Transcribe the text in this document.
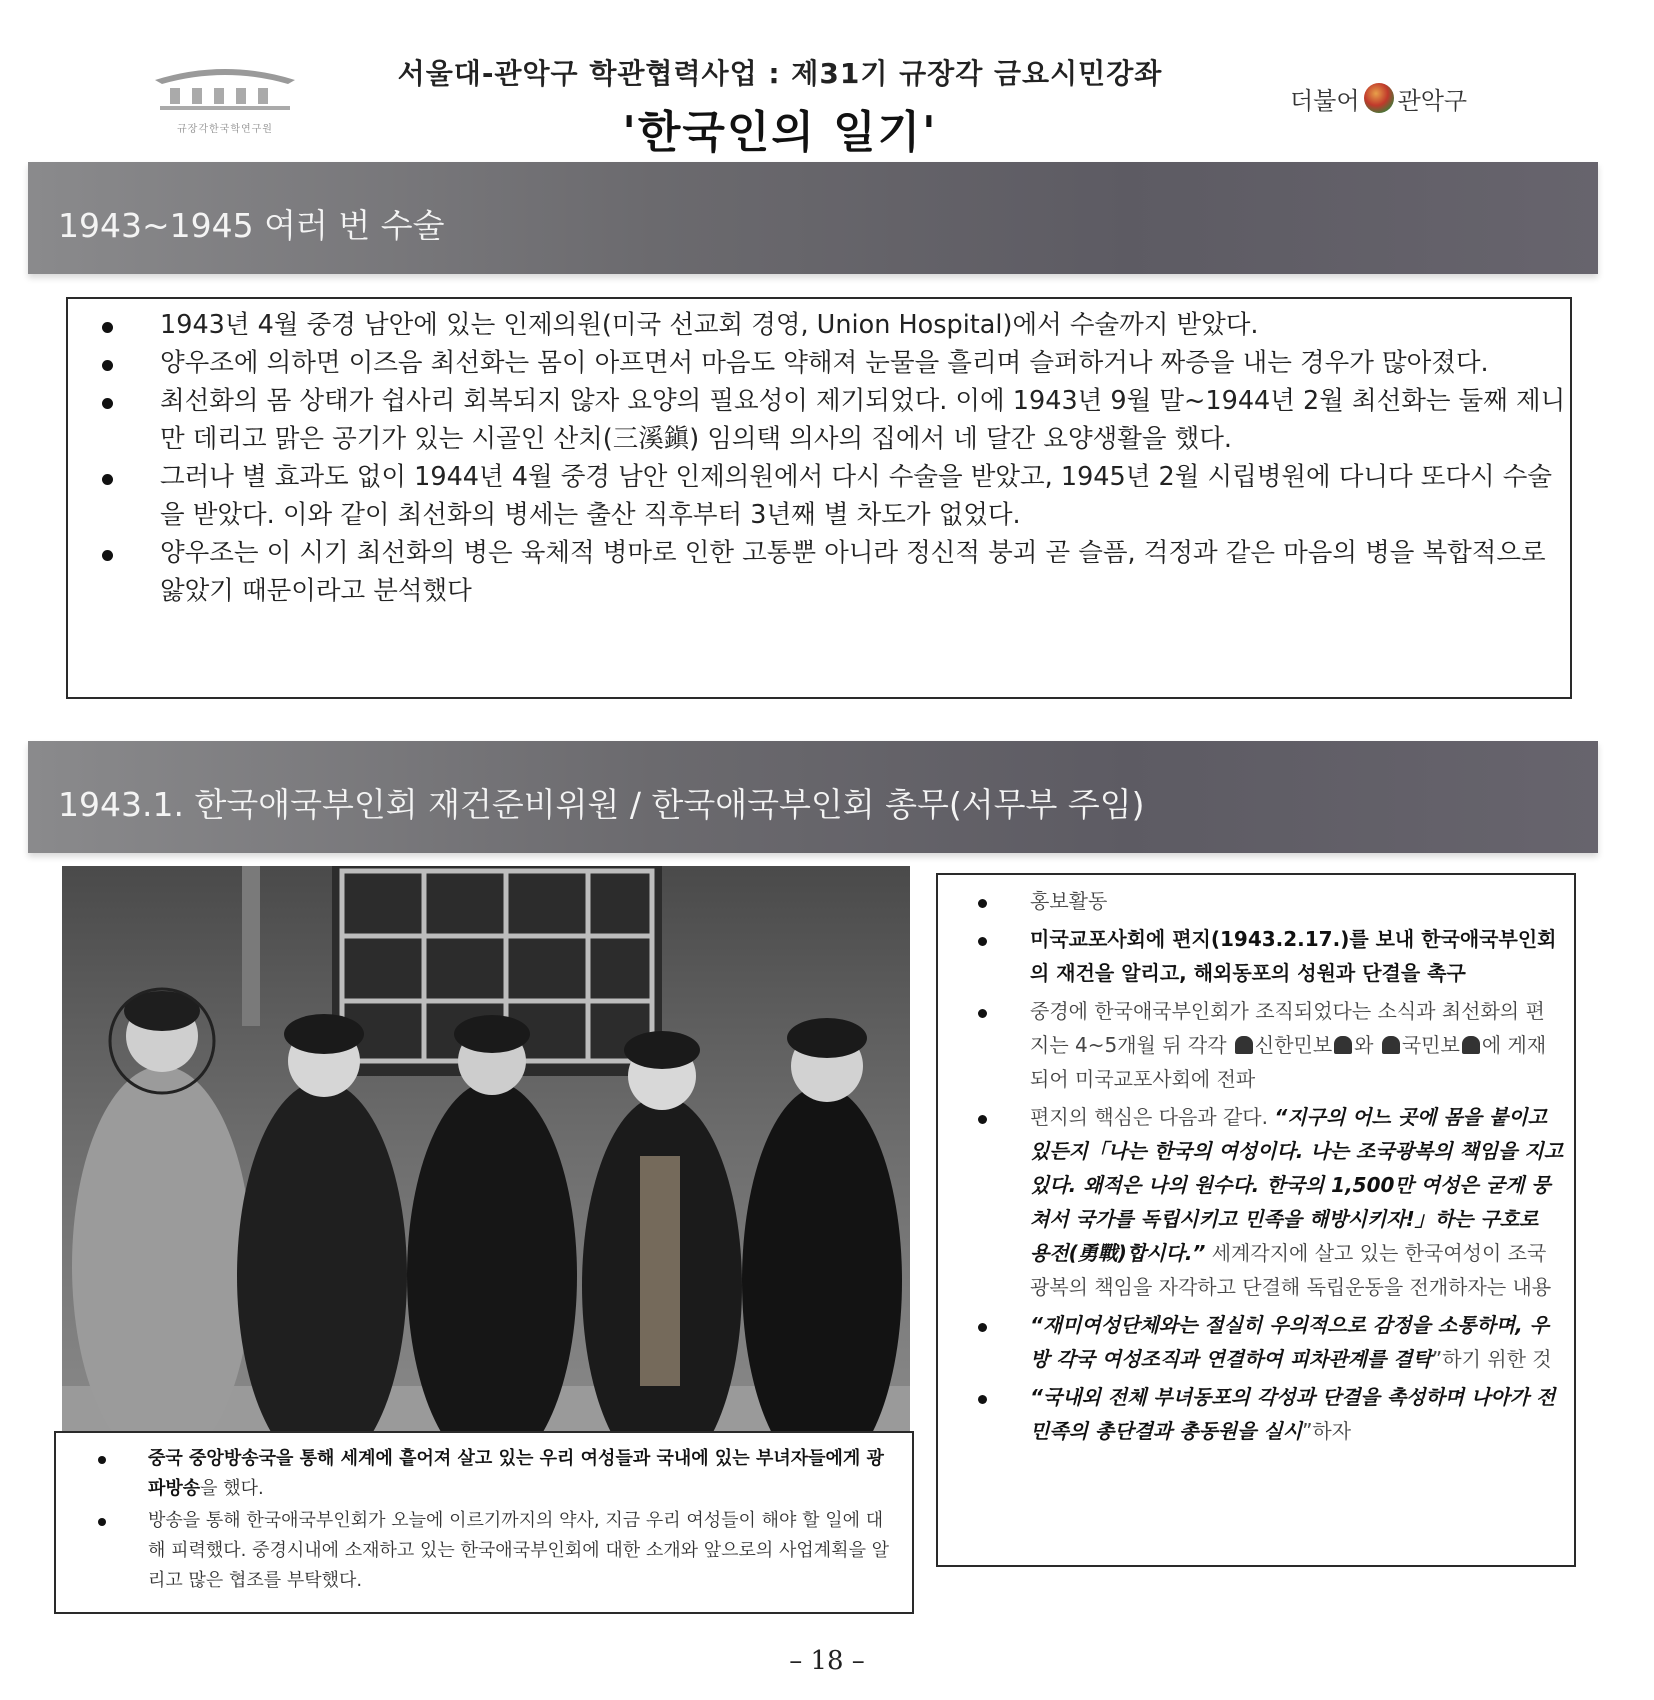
규장각한국학연구원
서울대-관악구 학관협력사업 : 제31기 규장각 금요시민강좌
'한국인의 일기'
더불어 관악구
1943~1945 여러 번 수술
1943년 4월 중경 남안에 있는 인제의원(미국 선교회 경영, Union Hospital)에서 수술까지 받았다.
양우조에 의하면 이즈음 최선화는 몸이 아프면서 마음도 약해져 눈물을 흘리며 슬퍼하거나 짜증을 내는 경우가 많아졌다.
최선화의 몸 상태가 쉽사리 회복되지 않자 요양의 필요성이 제기되었다. 이에 1943년 9월 말~1944년 2월 최선화는 둘째 제니만 데리고 맑은 공기가 있는 시골인 산치(三溪鎭) 임의택 의사의 집에서 네 달간 요양생활을 했다.
그러나 별 효과도 없이 1944년 4월 중경 남안 인제의원에서 다시 수술을 받았고, 1945년 2월 시립병원에 다니다 또다시 수술을 받았다. 이와 같이 최선화의 병세는 출산 직후부터 3년째 별 차도가 없었다.
양우조는 이 시기 최선화의 병은 육체적 병마로 인한 고통뿐 아니라 정신적 붕괴 곧 슬픔, 걱정과 같은 마음의 병을 복합적으로 앓았기 때문이라고 분석했다
1943.1. 한국애국부인회 재건준비위원 / 한국애국부인회 총무(서무부 주임)
중국 중앙방송국을 통해 세계에 흩어져 살고 있는 우리 여성들과 국내에 있는 부녀자들에게 광파방송을 했다.
방송을 통해 한국애국부인회가 오늘에 이르기까지의 약사, 지금 우리 여성들이 해야 할 일에 대해 피력했다. 중경시내에 소재하고 있는 한국애국부인회에 대한 소개와 앞으로의 사업계획을 알리고 많은 협조를 부탁했다.
홍보활동
미국교포사회에 편지(1943.2.17.)를 보내 한국애국부인회의 재건을 알리고, 해외동포의 성원과 단결을 촉구
중경에 한국애국부인회가 조직되었다는 소식과 최선화의 편지는 4~5개월 뒤 각각 신한민보 와 국민보 에 게재되어 미국교포사회에 전파
편지의 핵심은 다음과 같다. “지구의 어느 곳에 몸을 붙이고 있든지「나는 한국의 여성이다. 나는 조국광복의 책임을 지고 있다. 왜적은 나의 원수다. 한국의 1,500만 여성은 굳게 뭉쳐서 국가를 독립시키고 민족을 해방시키자!」하는 구호로 용전(勇戰)합시다.” 세계각지에 살고 있는 한국여성이 조국광복의 책임을 자각하고 단결해 독립운동을 전개하자는 내용
“재미여성단체와는 절실히 우의적으로 감정을 소통하며, 우방 각국 여성조직과 연결하여 피차관계를 결탁”하기 위한 것
“국내외 전체 부녀동포의 각성과 단결을 촉성하며 나아가 전민족의 총단결과 총동원을 실시”하자
– 18 –
